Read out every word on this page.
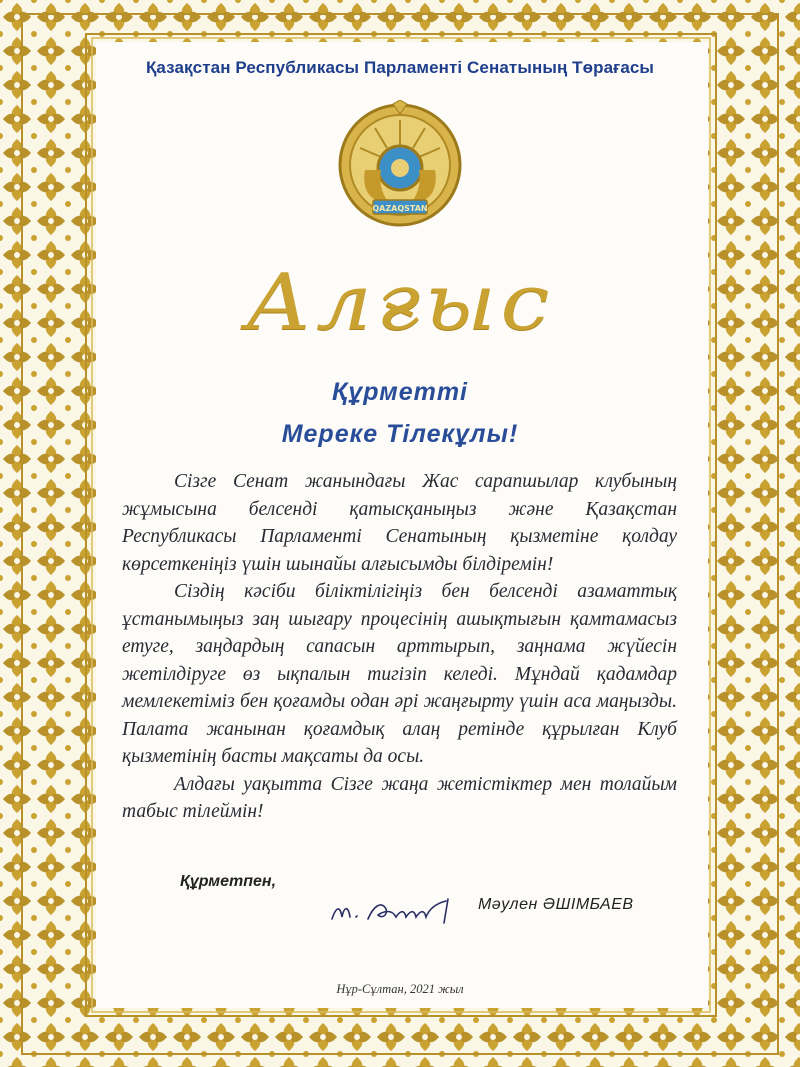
Қазақстан Республикасы Парламенті Сенатының Төрағасы
QAZAQSTAN
Алғыс
Құрметті
Мереке Тілекұлы!

Сізге Сенат жанындағы Жас сарапшылар клубының жұмысына белсенді қатысқаныңыз және Қазақстан Республикасы Парламенті Сенатының қызметіне қолдау көрсеткеніңіз үшін шынайы алғысымды білдіремін!

Сіздің кәсіби біліктілігіңіз бен белсенді азаматтық ұстанымыңыз заң шығару процесінің ашықтығын қамтамасыз етуге, заңдардың сапасын арттырып, заңнама жүйесін жетілдіруге өз ықпалын тигізіп келеді. Мұндай қадамдар мемлекетіміз бен қоғамды одан әрі жаңғырту үшін аса маңызды. Палата жанынан қоғамдық алаң ретінде құрылған Клуб қызметінің басты мақсаты да осы.

Алдағы уақытта Сізге жаңа жетістіктер мен толайым табыс тілеймін!

Құрметпен,
Мәулен ӘШІМБАЕВ
Нұр-Сұлтан, 2021 жыл
